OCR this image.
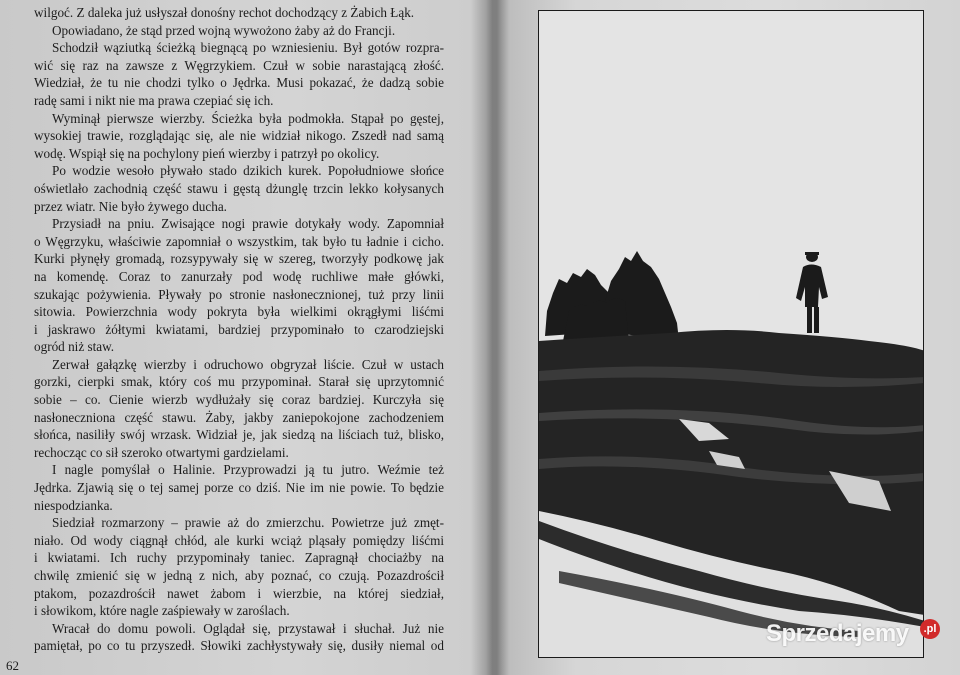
wilgoć. Z daleka już usłyszał donośny rechot dochodzący z Żabich Łąk.
Opowiadano, że stąd przed wojną wywożono żaby aż do Francji.
Schodził wąziutką ścieżką biegnącą po wzniesieniu. Był gotów rozpra-
wić się raz na zawsze z Węgrzykiem. Czuł w sobie narastającą złość.
Wiedział, że tu nie chodzi tylko o Jędrka. Musi pokazać, że dadzą sobie
radę sami i nikt nie ma prawa czepiać się ich.
Wyminął pierwsze wierzby. Ścieżka była podmokła. Stąpał po gęstej,
wysokiej trawie, rozglądając się, ale nie widział nikogo. Zszedł nad samą
wodę. Wspiął się na pochylony pień wierzby i patrzył po okolicy.
Po wodzie wesoło pływało stado dzikich kurek. Popołudniowe słońce
oświetlało zachodnią część stawu i gęstą dżunglę trzcin lekko kołysanych
przez wiatr. Nie było żywego ducha.
Przysiadł na pniu. Zwisające nogi prawie dotykały wody. Zapomniał
o Węgrzyku, właściwie zapomniał o wszystkim, tak było tu ładnie i cicho.
Kurki płynęły gromadą, rozsypywały się w szereg, tworzyły podkowę jak
na komendę. Coraz to zanurzały pod wodę ruchliwe małe główki,
szukając pożywienia. Pływały po stronie nasłonecznionej, tuż przy linii
sitowia. Powierzchnia wody pokryta była wielkimi okrągłymi liśćmi
i jaskrawo żółtymi kwiatami, bardziej przypominało to czarodziejski
ogród niż staw.
Zerwał gałązkę wierzby i odruchowo obgryzał liście. Czuł w ustach
gorzki, cierpki smak, który coś mu przypominał. Starał się uprzytomnić
sobie – co. Cienie wierzb wydłużały się coraz bardziej. Kurczyła się
nasłoneczniona część stawu. Żaby, jakby zaniepokojone zachodzeniem
słońca, nasiliły swój wrzask. Widział je, jak siedzą na liściach tuż, blisko,
rechocząc co sił szeroko otwartymi gardzielami.
I nagle pomyślał o Halinie. Przyprowadzi ją tu jutro. Weźmie też
Jędrka. Zjawią się o tej samej porze co dziś. Nie im nie powie. To będzie
niespodzianka.
Siedział rozmarzony – prawie aż do zmierzchu. Powietrze już zmęt-
niało. Od wody ciągnął chłód, ale kurki wciąż pląsały pomiędzy liśćmi
i kwiatami. Ich ruchy przypominały taniec. Zapragnął chociażby na
chwilę zmienić się w jedną z nich, aby poznać, co czują. Pozazdrościł
ptakom, pozazdrościł nawet żabom i wierzbie, na której siedział,
i słowikom, które nagle zaśpiewały w zaroślach.
Wracał do domu powoli. Oglądał się, przystawał i słuchał. Już nie
pamiętał, po co tu przyszedł. Słowiki zachłystywały się, dusiły niemal od
62
Sprzedajemy	.pl
